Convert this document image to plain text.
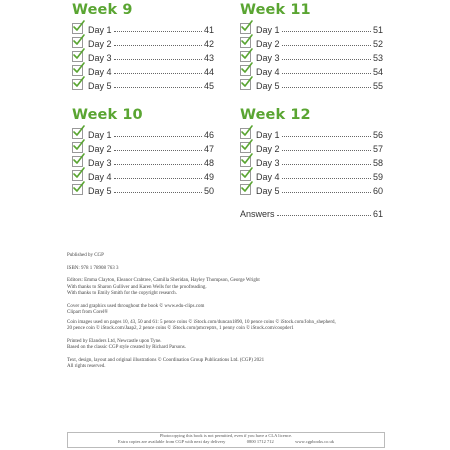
Week 9
Day 1	41
Day 2	42
Day 3	43
Day 4	44
Day 5	45
Week 11
Day 1	51
Day 2	52
Day 3	53
Day 4	54
Day 5	55
Week 10
Day 1	46
Day 2	47
Day 3	48
Day 4	49
Day 5	50
Week 12
Day 1	56
Day 2	57
Day 3	58
Day 4	59
Day 5	60
Answers	61

Published by CGP

ISBN: 978 1 78908 763 3

Editors: Emma Clayton, Eleanor Crabtree, Camilla Sheridan, Hayley Thompson, George Wright

With thanks to Sharon Gulliver and Karen Wells for the proofreading.

With thanks to Emily Smith for the copyright research.

Cover and graphics used throughout the book © www.edu-clips.com

Clipart from Corel®

Coin images used on pages 10, 43, 50 and 61: 5 pence coins © iStock.com/duncan1890, 10 pence coins © iStock.com/John_shepherd,

20 pence coin © iStock.com/Jaap2, 2 pence coins © iStock.com/pmcreptrs, 1 penny coin © iStock.com/coopder1

Printed by Elanders Ltd, Newcastle upon Tyne.

Based on the classic CGP style created by Richard Parsons.

Text, design, layout and original illustrations © Coordination Group Publications Ltd. (CGP) 2021

All rights reserved.

Photocopying this book is not permitted, even if you have a CLA licence.
Extra copies are available from CGP with next day delivery	0800 1712 712	www.cgpbooks.co.uk
